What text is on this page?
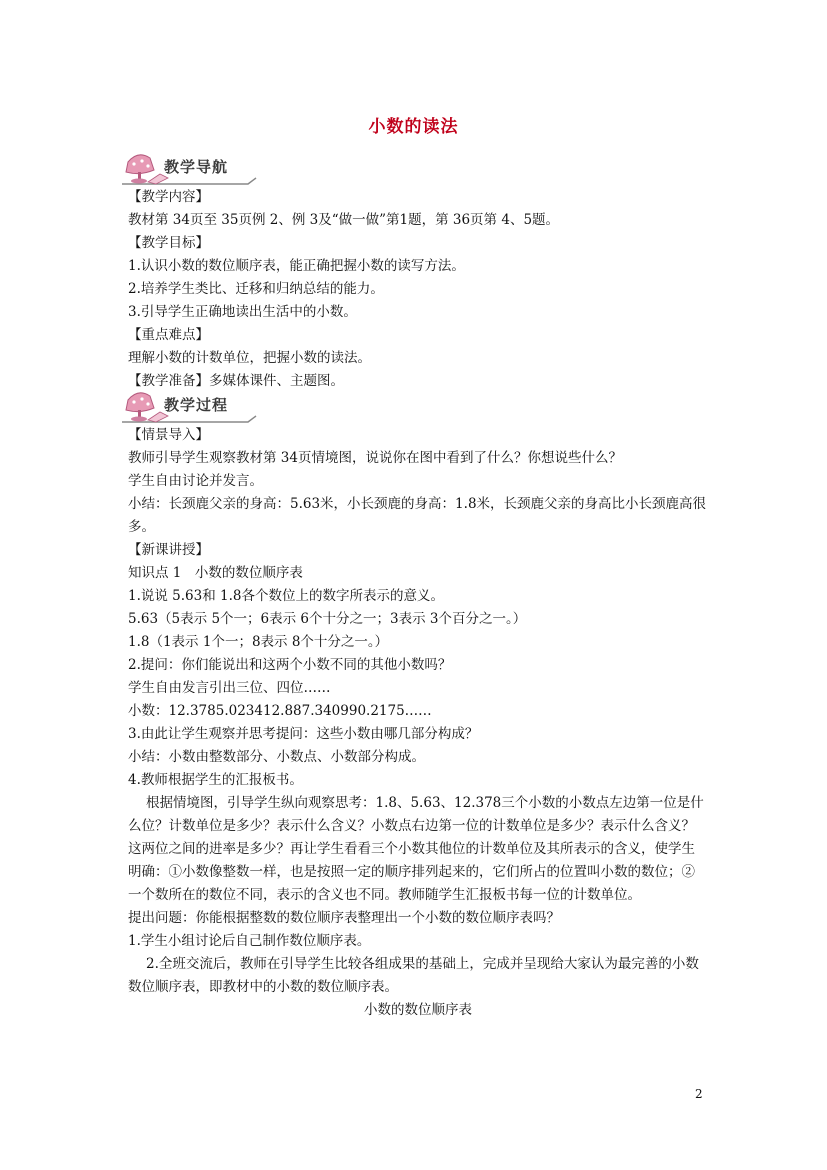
小数的读法
教学导航

【教学内容】

教材第 34页至 35页例 2、例 3及“做一做”第1题，第 36页第 4、5题。

【教学目标】

1.认识小数的数位顺序表，能正确把握小数的读写方法。

2.培养学生类比、迁移和归纳总结的能力。

3.引导学生正确地读出生活中的小数。

【重点难点】

理解小数的计数单位，把握小数的读法。

【教学准备】多媒体课件、主题图。

教学过程

【情景导入】

教师引导学生观察教材第 34页情境图，说说你在图中看到了什么？你想说些什么？

学生自由讨论并发言。

小结：长颈鹿父亲的身高：5.63米，小长颈鹿的身高：1.8米，长颈鹿父亲的身高比小长颈鹿高很多。

【新课讲授】

知识点 1　小数的数位顺序表

1.说说 5.63和 1.8各个数位上的数字所表示的意义。

5.63（5表示 5个一；6表示 6个十分之一；3表示 3个百分之一。）

1.8（1表示 1个一；8表示 8个十分之一。）

2.提问：你们能说出和这两个小数不同的其他小数吗？

学生自由发言引出三位、四位……

小数：12.3785.023412.887.340990.2175……

3.由此让学生观察并思考提问：这些小数由哪几部分构成？

小结：小数由整数部分、小数点、小数部分构成。

4.教师根据学生的汇报板书。

根据情境图，引导学生纵向观察思考：1.8、5.63、12.378三个小数的小数点左边第一位是什么位？计数单位是多少？表示什么含义？小数点右边第一位的计数单位是多少？表示什么含义？这两位之间的进率是多少？再让学生看看三个小数其他位的计数单位及其所表示的含义，使学生明确：①小数像整数一样，也是按照一定的顺序排列起来的，它们所占的位置叫小数的数位；②一个数所在的数位不同，表示的含义也不同。教师随学生汇报板书每一位的计数单位。

提出问题：你能根据整数的数位顺序表整理出一个小数的数位顺序表吗？

1.学生小组讨论后自己制作数位顺序表。

2.全班交流后，教师在引导学生比较各组成果的基础上，完成并呈现给大家认为最完善的小数数位顺序表，即教材中的小数的数位顺序表。

小数的数位顺序表

2
